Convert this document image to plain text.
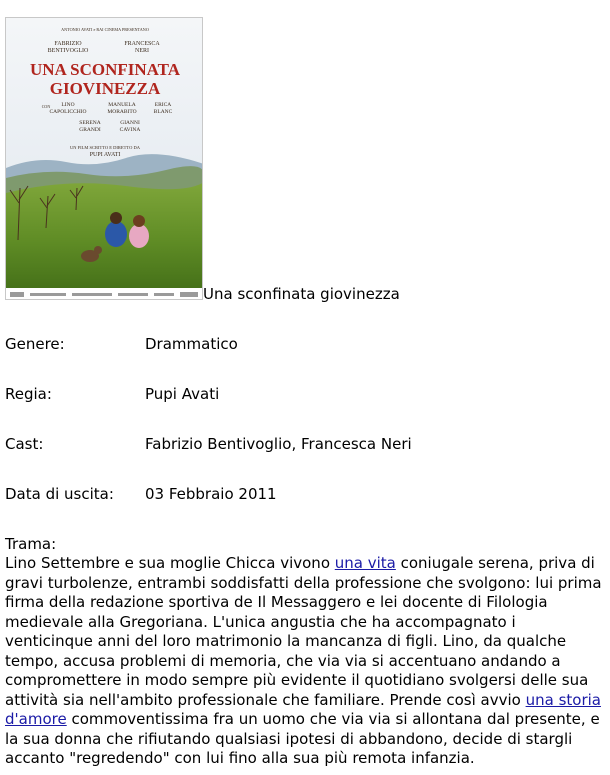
ANTONIO AVATI e RAI CINEMA PRESENTANO
FABRIZIO
BENTIVOGLIO
FRANCESCA
NERI
UNA SCONFINATA
GIOVINEZZA
CON LINO
CAPOLICCHIO
MANUELA
MORABITO
ERICA
BLANC
SERENA
GRANDI
GIANNI
CAVINA
UN FILM SCRITTO E DIRETTO DA
PUPI AVATI
Una sconfinata giovinezza
Genere:	Drammatico
Regia:	Pupi Avati
Cast:	Fabrizio Bentivoglio, Francesca Neri
Data di uscita: 03 Febbraio 2011
Trama:
Lino Settembre e sua moglie Chicca vivono una vita coniugale serena, priva di gravi turbolenze, entrambi soddisfatti della professione che svolgono: lui prima firma della redazione sportiva de Il Messaggero e lei docente di Filologia medievale alla Gregoriana. L'unica angustia che ha accompagnato i venticinque anni del loro matrimonio la mancanza di figli. Lino, da qualche tempo, accusa problemi di memoria, che via via si accentuano andando a compromettere in modo sempre più evidente il quotidiano svolgersi delle sua attività sia nell'ambito professionale che familiare. Prende così avvio una storia d'amore commoventissima fra un uomo che via via si allontana dal presente, e la sua donna che rifiutando qualsiasi ipotesi di abbandono, decide di stargli accanto "regredendo" con lui fino alla sua più remota infanzia.
